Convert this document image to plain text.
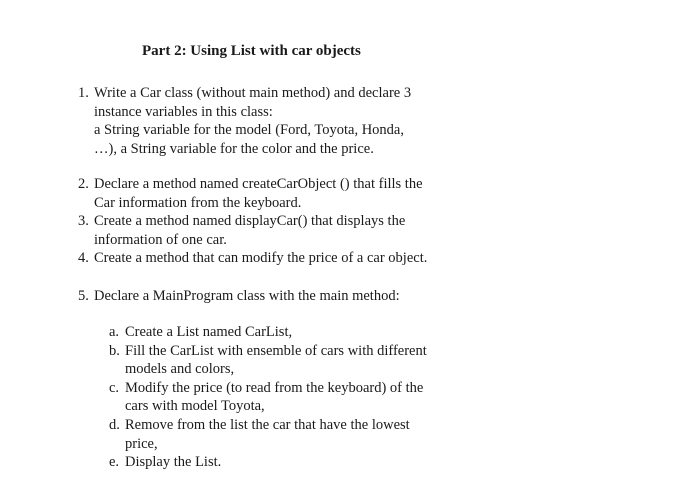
Part 2: Using List with car objects
1. Write a Car class (without main method) and declare 3
instance variables in this class:
a String variable for the model (Ford, Toyota, Honda,
…), a String variable for the color and the price.
2. Declare a method named createCarObject () that fills the
Car information from the keyboard.
3. Create a method named displayCar() that displays the
information of one car.
4. Create a method that can modify the price of a car object.
5. Declare a MainProgram class with the main method:
a. Create a List named CarList,
b. Fill the CarList with ensemble of cars with different
models and colors,
c. Modify the price (to read from the keyboard) of the
cars with model Toyota,
d. Remove from the list the car that have the lowest
price,
e. Display the List.
